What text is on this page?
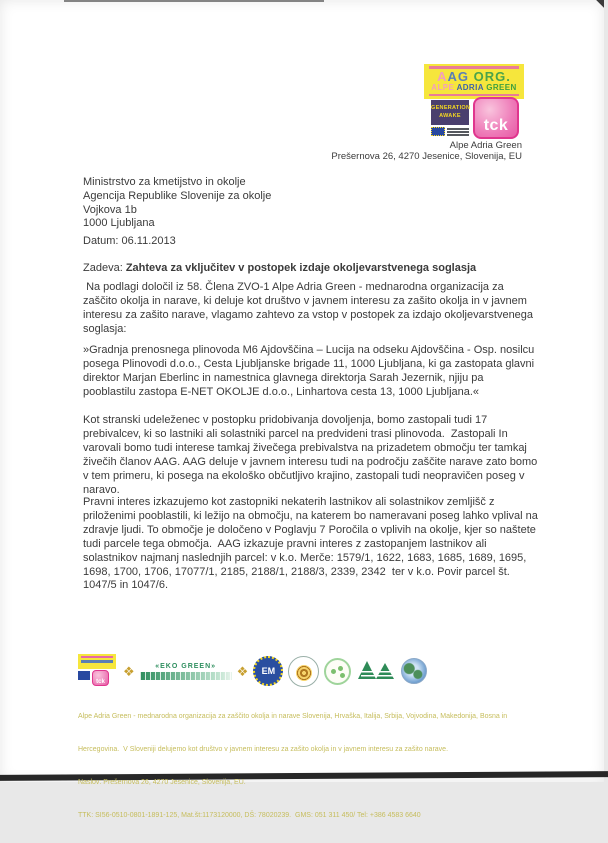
AAG ORG.
ALPE ADRIA GREEN
GENERATION
AWAKE
tck
Alpe Adria Green
Prešernova 26, 4270 Jesenice, Slovenija, EU
Ministrstvo za kmetijstvo in okolje
Agencija Republike Slovenije za okolje
Vojkova 1b
1000 Ljubljana
Datum: 06.11.2013
Zadeva: Zahteva za vključitev v postopek izdaje okoljevarstvenega soglasja
Na podlagi določil iz 58. Člena ZVO-1 Alpe Adria Green - mednarodna organizacija za zaščito okolja in narave, ki deluje kot društvo v javnem interesu za zašito okolja in v javnem interesu za zašito narave, vlagamo zahtevo za vstop v postopek za izdajo okoljevarstvenega soglasja:
»Gradnja prenosnega plinovoda M6 Ajdovščina – Lucija na odseku Ajdovščina - Osp. nosilcu posega Plinovodi d.o.o., Cesta Ljubljanske brigade 11, 1000 Ljubljana, ki ga zastopata glavni direktor Marjan Eberlinc in namestnica glavnega direktorja Sarah Jezernik, njiju pa pooblastilu zastopa E-NET OKOLJE d.o.o., Linhartova cesta 13, 1000 Ljubljana.«
Kot stranski udeleženec v postopku pridobivanja dovoljenja, bomo zastopali tudi 17 prebivalcev, ki so lastniki ali solastniki parcel na predvideni trasi plinovoda.  Zastopali In varovali bomo tudi interese tamkaj živečega prebivalstva na prizadetem območju ter tamkaj živečih članov AAG. AAG deluje v javnem interesu tudi na področju zaščite narave zato bomo v tem primeru, ki posega na ekološko občutljivo krajino, zastopali tudi neopravičen poseg v naravo.
Pravni interes izkazujemo kot zastopniki nekaterih lastnikov ali solastnikov zemljišč z priloženimi pooblastili, ki ležijo na območju, na katerem bo nameravani poseg lahko vplival na zdravje ljudi. To območje je določeno v Poglavju 7 Poročila o vplivih na okolje, kjer so naštete tudi parcele tega območja.  AAG izkazuje pravni interes z zastopanjem lastnikov ali solastnikov najmanj naslednjih parcel: v k.o. Merče: 1579/1, 1622, 1683, 1685, 1689, 1695, 1698, 1700, 1706, 17077/1, 2185, 2188/1, 2188/3, 2339, 2342  ter v k.o. Povir parcel št. 1047/5 in 1047/6.
tck
❖	«EKO GREEN»	❖ EM

Alpe Adria Green - mednarodna organizacija za zaščito okolja in narave Slovenija, Hrvaška, Italija, Srbija, Vojvodina, Makedonija, Bosna in

Hercegovina.  V Sloveniji delujemo kot društvo v javnem interesu za zašito okolja in v javnem interesu za zašito narave.

Naslov: Prešernova 26, 4270 Jesenice, Slovenija, EU.

TTK: SI56-0510-0801-1891-125, Mat.št:1173120000, DŠ: 78020239.  GMS: 051 311 450/ Tel: +386 4583 6640
